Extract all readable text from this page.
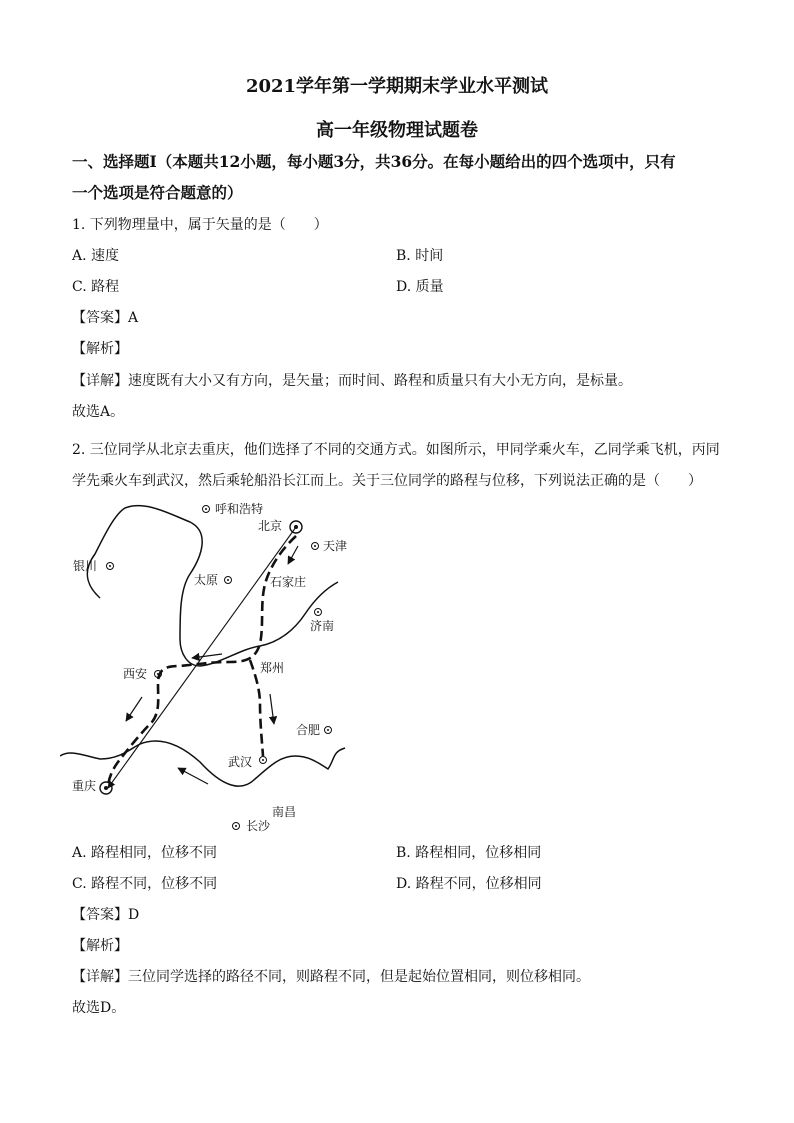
2021学年第一学期期末学业水平测试
高一年级物理试题卷
一、选择题Ⅰ（本题共12小题，每小题3分，共36分。在每小题给出的四个选项中，只有
一个选项是符合题意的）
1. 下列物理量中，属于矢量的是（　　）
A. 速度	B. 时间
C. 路程	D. 质量
【答案】A
【解析】
【详解】速度既有大小又有方向，是矢量；而时间、路程和质量只有大小无方向，是标量。
故选A。
2. 三位同学从北京去重庆，他们选择了不同的交通方式。如图所示，甲同学乘火车，乙同学乘飞机，丙同
学先乘火车到武汉，然后乘轮船沿长江而上。关于三位同学的路程与位移，下列说法正确的是（　　）
呼和浩特
北京
天津
银川
太原	石家庄
济南
西安	郑州
合肥
武汉
重庆
南昌
长沙
A. 路程相同，位移不同	B. 路程相同，位移相同
C. 路程不同，位移不同	D. 路程不同，位移相同
【答案】D
【解析】
【详解】三位同学选择的路径不同，则路程不同，但是起始位置相同，则位移相同。
故选D。
